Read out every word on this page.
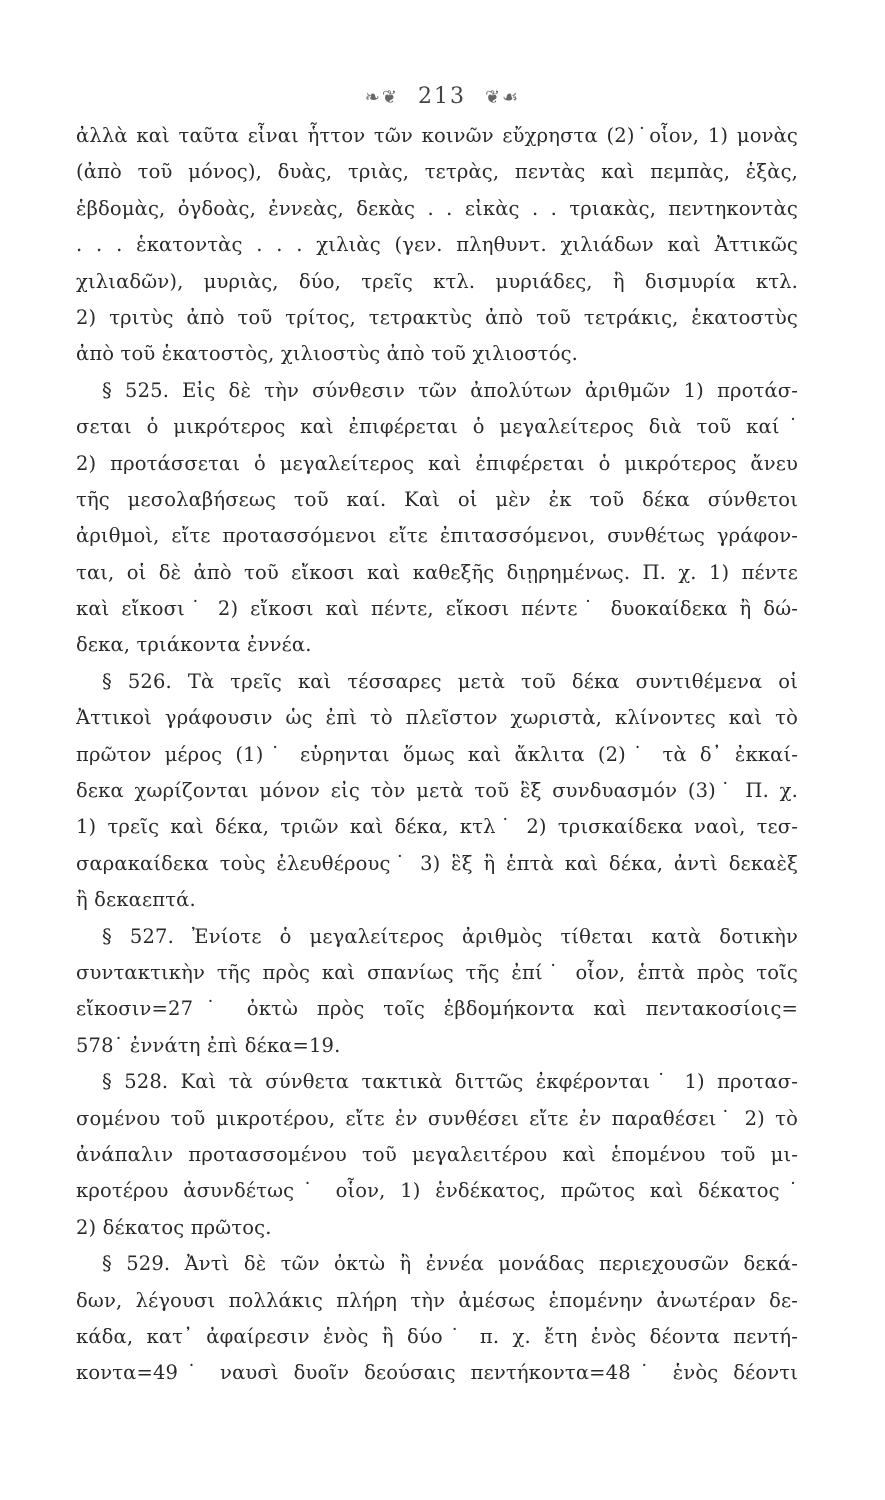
❧❦ 213 ❦☙
ἀλλὰ καὶ ταῦτα εἶναι ἧττον τῶν κοινῶν εὔχρηστα (2)˙οἷον, 1) μονὰς
(ἀπὸ τοῦ μόνος), δυὰς, τριὰς, τετρὰς, πεντὰς καὶ πεμπὰς, ἑξὰς,
ἑβδομὰς, ὀγδοὰς, ἐννεὰς, δεκὰς . . εἰκὰς . . τριακὰς, πεντηκοντὰς
. . . ἑκατοντὰς . . . χιλιὰς (γεν. πληθυντ. χιλιάδων καὶ Ἀττικῶς
χιλιαδῶν), μυριὰς, δύο, τρεῖς κτλ. μυριάδες, ἢ δισμυρία κτλ.
2) τριτὺς ἀπὸ τοῦ τρίτος, τετρακτὺς ἀπὸ τοῦ τετράκις, ἑκατοστὺς
ἀπὸ τοῦ ἑκατοστὸς, χιλιοστὺς ἀπὸ τοῦ χιλιοστός.
§ 525. Εἰς δὲ τὴν σύνθεσιν τῶν ἀπολύτων ἀριθμῶν 1) προτάσ-
σεται ὁ μικρότερος καὶ ἐπιφέρεται ὁ μεγαλείτερος διὰ τοῦ καί˙
2) προτάσσεται ὁ μεγαλείτερος καὶ ἐπιφέρεται ὁ μικρότερος ἄνευ
τῆς μεσολαβήσεως τοῦ καί. Καὶ οἱ μὲν ἐκ τοῦ δέκα σύνθετοι
ἀριθμοὶ, εἴτε προτασσόμενοι εἴτε ἐπιτασσόμενοι, συνθέτως γράφον-
ται, οἱ δὲ ἀπὸ τοῦ εἴκοσι καὶ καθεξῆς διῃρημένως. Π. χ. 1) πέντε
καὶ εἴκοσι˙ 2) εἴκοσι καὶ πέντε, εἴκοσι πέντε˙ δυοκαίδεκα ἢ δώ-
δεκα, τριάκοντα ἐννέα.
§ 526. Τὰ τρεῖς καὶ τέσσαρες μετὰ τοῦ δέκα συντιθέμενα οἱ
Ἀττικοὶ γράφουσιν ὡς ἐπὶ τὸ πλεῖστον χωριστὰ, κλίνοντες καὶ τὸ
πρῶτον μέρος (1)˙ εὑρηνται ὅμως καὶ ἄκλιτα (2)˙ τὰ δ᾿ ἐκκαί-
δεκα χωρίζονται μόνον εἰς τὸν μετὰ τοῦ ἓξ συνδυασμόν (3)˙ Π. χ.
1) τρεῖς καὶ δέκα, τριῶν καὶ δέκα, κτλ˙ 2) τρισκαίδεκα ναοὶ, τεσ-
σαρακαίδεκα τοὺς ἐλευθέρους˙ 3) ἓξ ἢ ἑπτὰ καὶ δέκα, ἀντὶ δεκαὲξ
ἢ δεκαεπτά.
§ 527. Ἐνίοτε ὁ μεγαλείτερος ἀριθμὸς τίθεται κατὰ δοτικὴν
συντακτικὴν τῆς πρὸς καὶ σπανίως τῆς ἐπί˙ οἷον, ἑπτὰ πρὸς τοῖς
εἴκοσιν=27˙ ὀκτὼ πρὸς τοῖς ἑβδομήκοντα καὶ πεντακοσίοις=
578˙ ἐννάτη ἐπὶ δέκα=19.
§ 528. Καὶ τὰ σύνθετα τακτικὰ διττῶς ἐκφέρονται˙ 1) προτασ-
σομένου τοῦ μικροτέρου, εἴτε ἐν συνθέσει εἴτε ἐν παραθέσει˙ 2) τὸ
ἀνάπαλιν προτασσομένου τοῦ μεγαλειτέρου καὶ ἑπομένου τοῦ μι-
κροτέρου ἀσυνδέτως˙ οἷον, 1) ἑνδέκατος, πρῶτος καὶ δέκατος˙
2) δέκατος πρῶτος.
§ 529. Ἀντὶ δὲ τῶν ὀκτὼ ἢ ἐννέα μονάδας περιεχουσῶν δεκά-
δων, λέγουσι πολλάκις πλήρη τὴν ἀμέσως ἑπομένην ἀνωτέραν δε-
κάδα, κατ᾿ ἀφαίρεσιν ἑνὸς ἢ δύο˙ π. χ. ἔτη ἑνὸς δέοντα πεντή-
κοντα=49˙ ναυσὶ δυοῖν δεούσαις πεντήκοντα=48˙ ἑνὸς δέοντι
